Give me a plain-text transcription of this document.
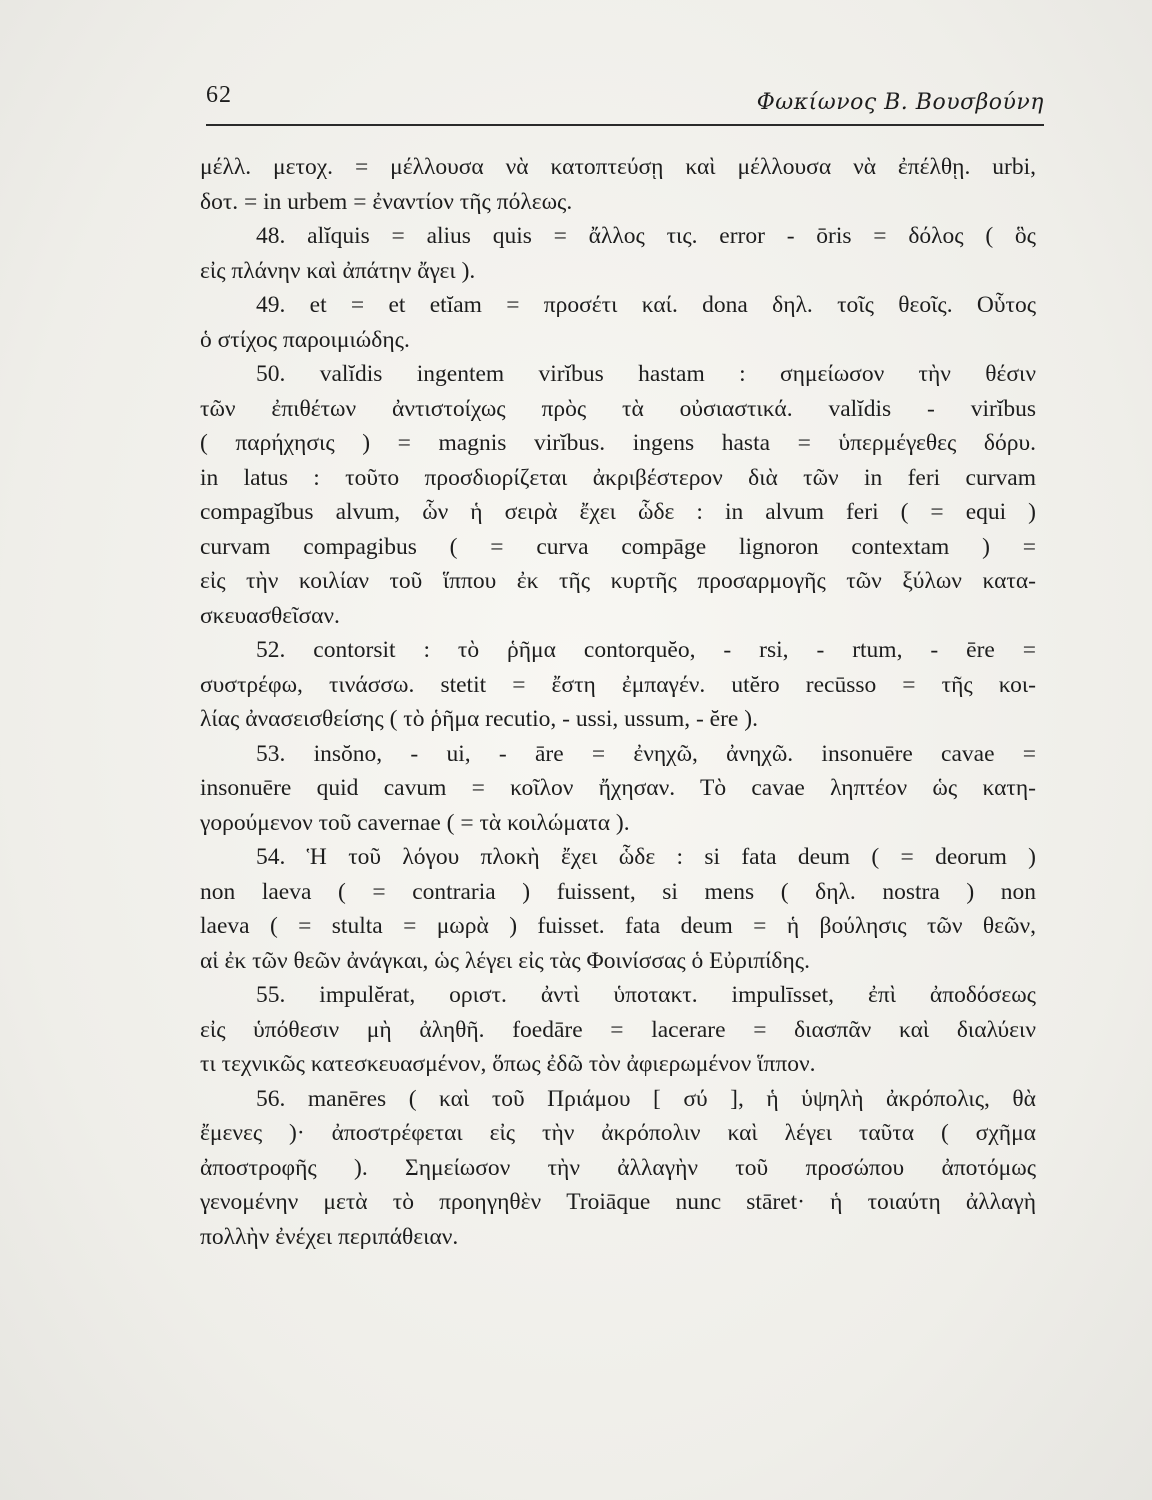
62	Φωκίωνος Β. Βουσβούνη
μέλλ. μετοχ. = μέλλουσα νὰ κατοπτεύσῃ καὶ μέλλουσα νὰ ἐπέλθῃ. urbi,
δοτ. = in urbem = ἐναντίον τῆς πόλεως.
48. alĭquis = alius quis = ἄλλος τις. error - ōris = δόλος ( ὃς
εἰς πλάνην καὶ ἀπάτην ἄγει ).
49. et = et etĭam = προσέτι καί. dona δηλ. τοῖς θεοῖς. Οὗτος
ὁ στίχος παροιμιώδης.
50. valĭdis ingentem virĭbus hastam : σημείωσον τὴν θέσιν
τῶν ἐπιθέτων ἀντιστοίχως πρὸς τὰ οὐσιαστικά. valĭdis - virĭbus
( παρήχησις ) = magnis virĭbus. ingens hasta = ὑπερμέγεθες δόρυ.
in latus : τοῦτο προσδιορίζεται ἀκριβέστερον διὰ τῶν in feri curvam
compagĭbus alvum, ὧν ἡ σειρὰ ἔχει ὧδε : in alvum feri ( = equi )
curvam compagibus ( = curva compāge lignoron contextam ) =
εἰς τὴν κοιλίαν τοῦ ἵππου ἐκ τῆς κυρτῆς προσαρμογῆς τῶν ξύλων κατα-
σκευασθεῖσαν.
52. contorsit : τὸ ῥῆμα contorquĕo, - rsi, - rtum, - ēre =
συστρέφω, τινάσσω. stetit = ἔστη ἐμπαγέν. utĕro recūsso = τῆς κοι-
λίας ἀνασεισθείσης ( τὸ ῥῆμα recutio, - ussi, ussum, - ĕre ).
53. insŏno, - ui, - āre = ἐνηχῶ, ἀνηχῶ. insonuēre cavae =
insonuēre quid cavum = κοῖλον ἤχησαν. Τὸ cavae ληπτέον ὡς κατη-
γορούμενον τοῦ cavernae ( = τὰ κοιλώματα ).
54. Ἡ τοῦ λόγου πλοκὴ ἔχει ὧδε : si fata deum ( = deorum )
non laeva ( = contraria ) fuissent, si mens ( δηλ. nostra ) non
laeva ( = stulta = μωρὰ ) fuisset. fata deum = ἡ βούλησις τῶν θεῶν,
αἱ ἐκ τῶν θεῶν ἀνάγκαι, ὡς λέγει εἰς τὰς Φοινίσσας ὁ Εὐριπίδης.
55. impulĕrat, οριστ. ἀντὶ ὑποτακτ. impulīsset, ἐπὶ ἀποδόσεως
εἰς ὑπόθεσιν μὴ ἀληθῆ. foedāre = lacerare = διασπᾶν καὶ διαλύειν
τι τεχνικῶς κατεσκευασμένον, ὅπως ἐδῶ τὸν ἀφιερωμένον ἵππον.
56. manēres ( καὶ τοῦ Πριάμου [ σύ ], ἡ ὑψηλὴ ἀκρόπολις, θὰ
ἔμενες )· ἀποστρέφεται εἰς τὴν ἀκρόπολιν καὶ λέγει ταῦτα ( σχῆμα
ἀποστροφῆς ). Σημείωσον τὴν ἀλλαγὴν τοῦ προσώπου ἀποτόμως
γενομένην μετὰ τὸ προηγηθὲν Troiāque nunc stāret· ἡ τοιαύτη ἀλλαγὴ
πολλὴν ἐνέχει περιπάθειαν.
